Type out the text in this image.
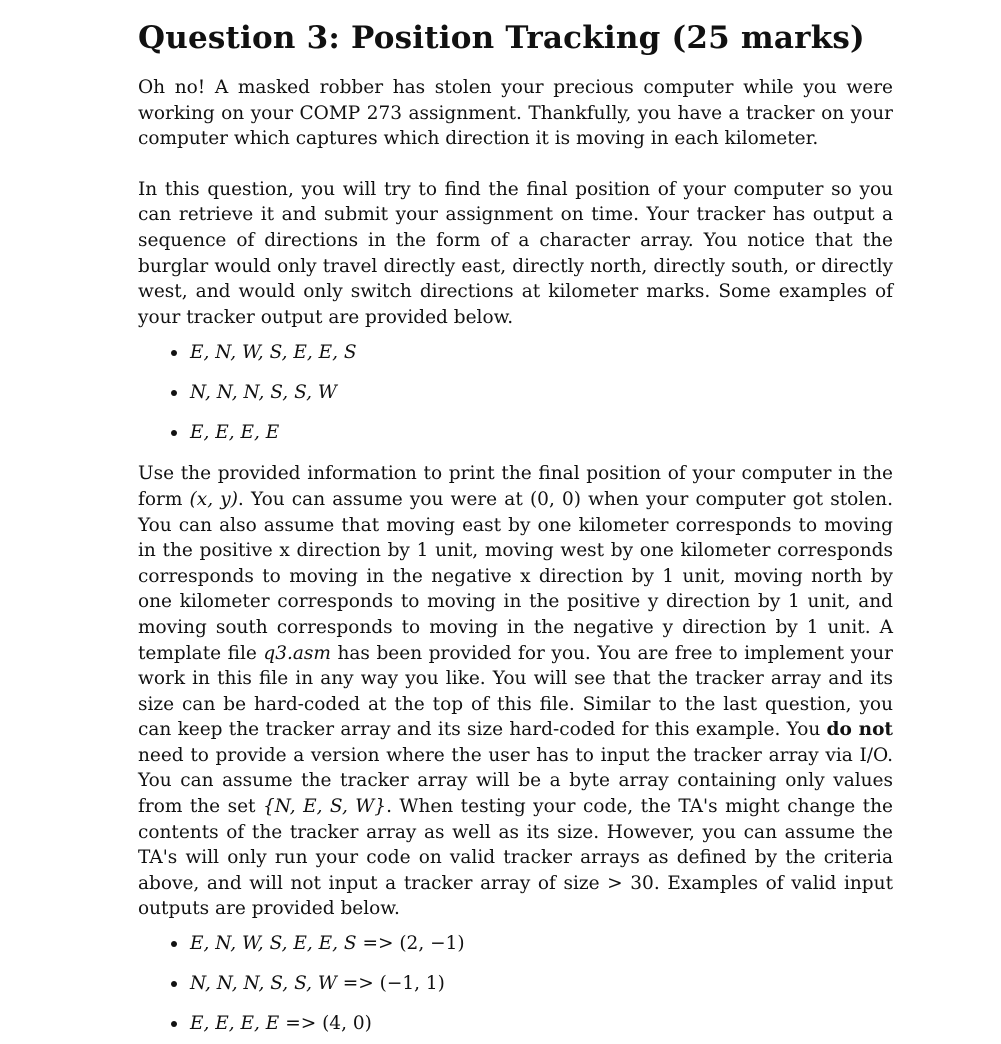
Question 3: Position Tracking (25 marks)

Oh no! A masked robber has stolen your precious computer while you were working on your COMP 273 assignment. Thankfully, you have a tracker on your computer which captures which direction it is moving in each kilometer.

In this question, you will try to find the final position of your computer so you can retrieve it and submit your assignment on time. Your tracker has output a sequence of directions in the form of a character array. You notice that the burglar would only travel directly east, directly north, directly south, or directly west, and would only switch directions at kilometer marks. Some examples of your tracker output are provided below.

E, N, W, S, E, E, S
N, N, N, S, S, W
E, E, E, E

Use the provided information to print the final position of your computer in the form (x, y). You can assume you were at (0, 0) when your computer got stolen. You can also assume that moving east by one kilometer corresponds to moving in the positive x direction by 1 unit, moving west by one kilometer corresponds corresponds to moving in the negative x direction by 1 unit, moving north by one kilometer corresponds to moving in the positive y direction by 1 unit, and moving south corresponds to moving in the negative y direction by 1 unit. A template file q3.asm has been provided for you. You are free to implement your work in this file in any way you like. You will see that the tracker array and its size can be hard-coded at the top of this file. Similar to the last question, you can keep the tracker array and its size hard-coded for this example. You do not need to provide a version where the user has to input the tracker array via I/O. You can assume the tracker array will be a byte array containing only values from the set {N, E, S, W}. When testing your code, the TA's might change the contents of the tracker array as well as its size. However, you can assume the TA's will only run your code on valid tracker arrays as defined by the criteria above, and will not input a tracker array of size > 30. Examples of valid input outputs are provided below.

E, N, W, S, E, E, S => (2, −1)
N, N, N, S, S, W => (−1, 1)
E, E, E, E => (4, 0)
